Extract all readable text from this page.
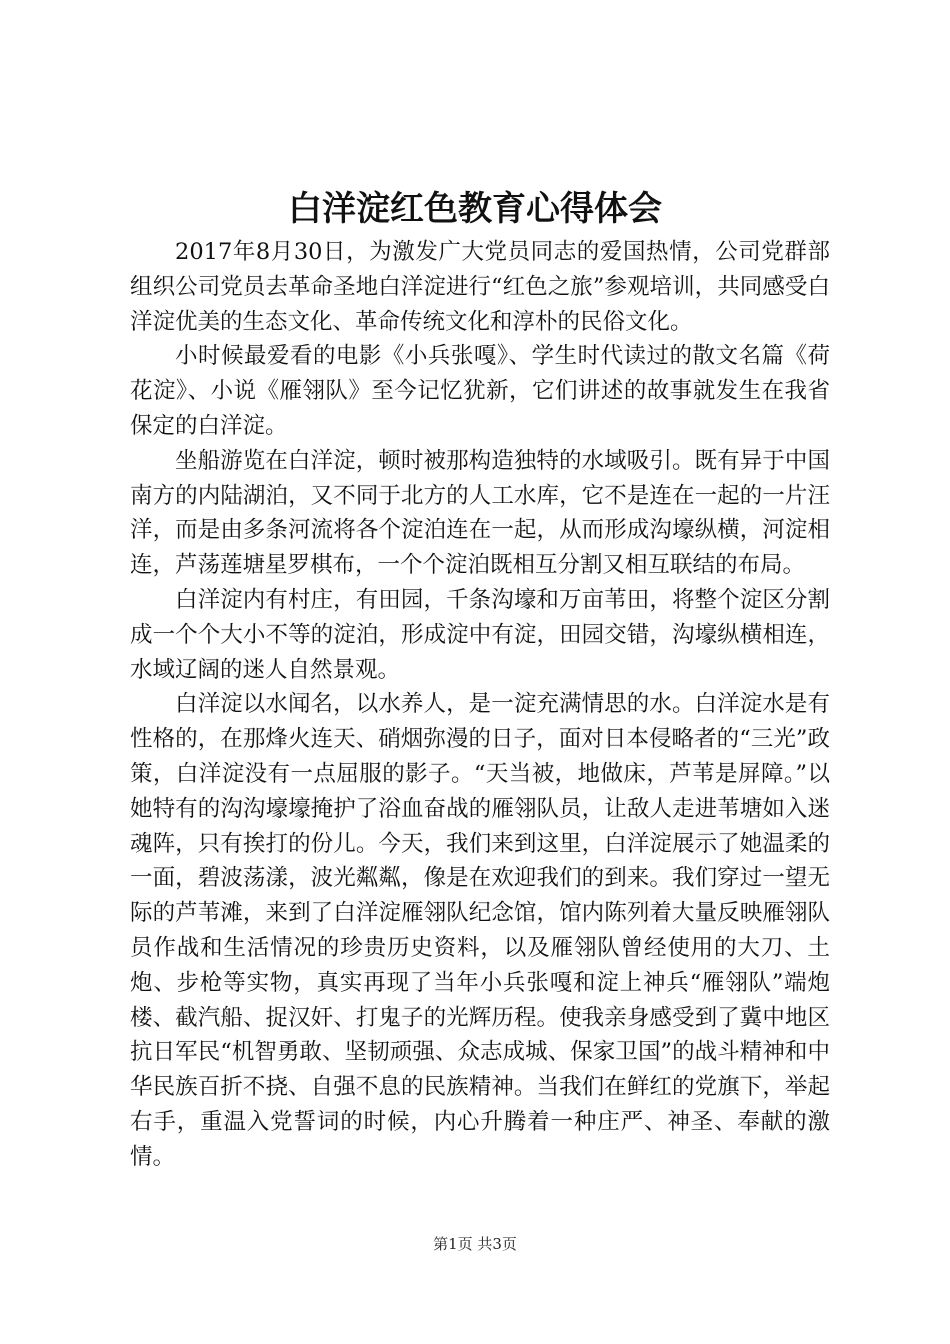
白洋淀红色教育心得体会

2017年8月30日，为激发广大党员同志的爱国热情，公司党群部组织公司党员去革命圣地白洋淀进行“红色之旅”参观培训，共同感受白洋淀优美的生态文化、革命传统文化和淳朴的民俗文化。

小时候最爱看的电影《小兵张嘎》、学生时代读过的散文名篇《荷花淀》、小说《雁翎队》至今记忆犹新，它们讲述的故事就发生在我省保定的白洋淀。

坐船游览在白洋淀，顿时被那构造独特的水域吸引。既有异于中国南方的内陆湖泊，又不同于北方的人工水库，它不是连在一起的一片汪洋，而是由多条河流将各个淀泊连在一起，从而形成沟壕纵横，河淀相连，芦荡莲塘星罗棋布，一个个淀泊既相互分割又相互联结的布局。

白洋淀内有村庄，有田园，千条沟壕和万亩苇田，将整个淀区分割成一个个大小不等的淀泊，形成淀中有淀，田园交错，沟壕纵横相连，水域辽阔的迷人自然景观。

白洋淀以水闻名，以水养人，是一淀充满情思的水。白洋淀水是有性格的，在那烽火连天、硝烟弥漫的日子，面对日本侵略者的“三光”政策，白洋淀没有一点屈服的影子。“天当被，地做床，芦苇是屏障。”以她特有的沟沟壕壕掩护了浴血奋战的雁翎队员，让敌人走进苇塘如入迷魂阵，只有挨打的份儿。今天，我们来到这里，白洋淀展示了她温柔的一面，碧波荡漾，波光粼粼，像是在欢迎我们的到来。我们穿过一望无际的芦苇滩，来到了白洋淀雁翎队纪念馆，馆内陈列着大量反映雁翎队员作战和生活情况的珍贵历史资料，以及雁翎队曾经使用的大刀、土炮、步枪等实物，真实再现了当年小兵张嘎和淀上神兵“雁翎队”端炮楼、截汽船、捉汉奸、打鬼子的光辉历程。使我亲身感受到了冀中地区抗日军民“机智勇敢、坚韧顽强、众志成城、保家卫国”的战斗精神和中华民族百折不挠、自强不息的民族精神。当我们在鲜红的党旗下，举起右手，重温入党誓词的时候，内心升腾着一种庄严、神圣、奉献的激情。

第1页 共3页
